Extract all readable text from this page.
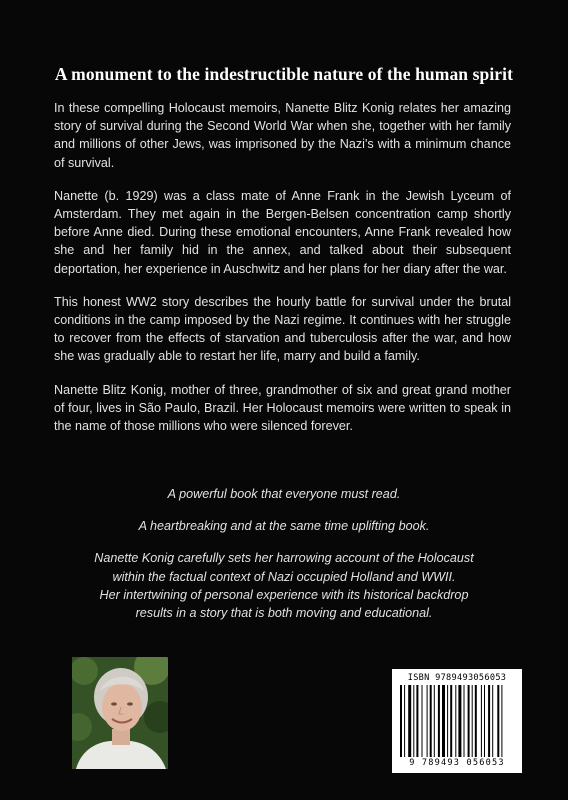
A monument to the indestructible nature of the human spirit

In these compelling Holocaust memoirs, Nanette Blitz Konig relates her amazing story of survival during the Second World War when she, together with her family and millions of other Jews, was imprisoned by the Nazi's with a minimum chance of survival.

Nanette (b. 1929) was a class mate of Anne Frank in the Jewish Lyceum of Amsterdam. They met again in the Bergen-Belsen concentration camp shortly before Anne died. During these emotional encounters, Anne Frank revealed how she and her family hid in the annex, and talked about their subsequent deportation, her experience in Auschwitz and her plans for her diary after the war.

This honest WW2 story describes the hourly battle for survival under the brutal conditions in the camp imposed by the Nazi regime. It continues with her struggle to recover from the effects of starvation and tuberculosis after the war, and how she was gradually able to restart her life, marry and build a family.

Nanette Blitz Konig, mother of three, grandmother of six and great grand mother of four, lives in São Paulo, Brazil. Her Holocaust memoirs were written to speak in the name of those millions who were silenced forever.

A powerful book that everyone must read.

A heartbreaking and at the same time uplifting book.

Nanette Konig carefully sets her harrowing account of the Holocaust
within the factual context of Nazi occupied Holland and WWII.
Her intertwining of personal experience with its historical backdrop
results in a story that is both moving and educational.

ISBN 9789493056053
9 789493 056053
